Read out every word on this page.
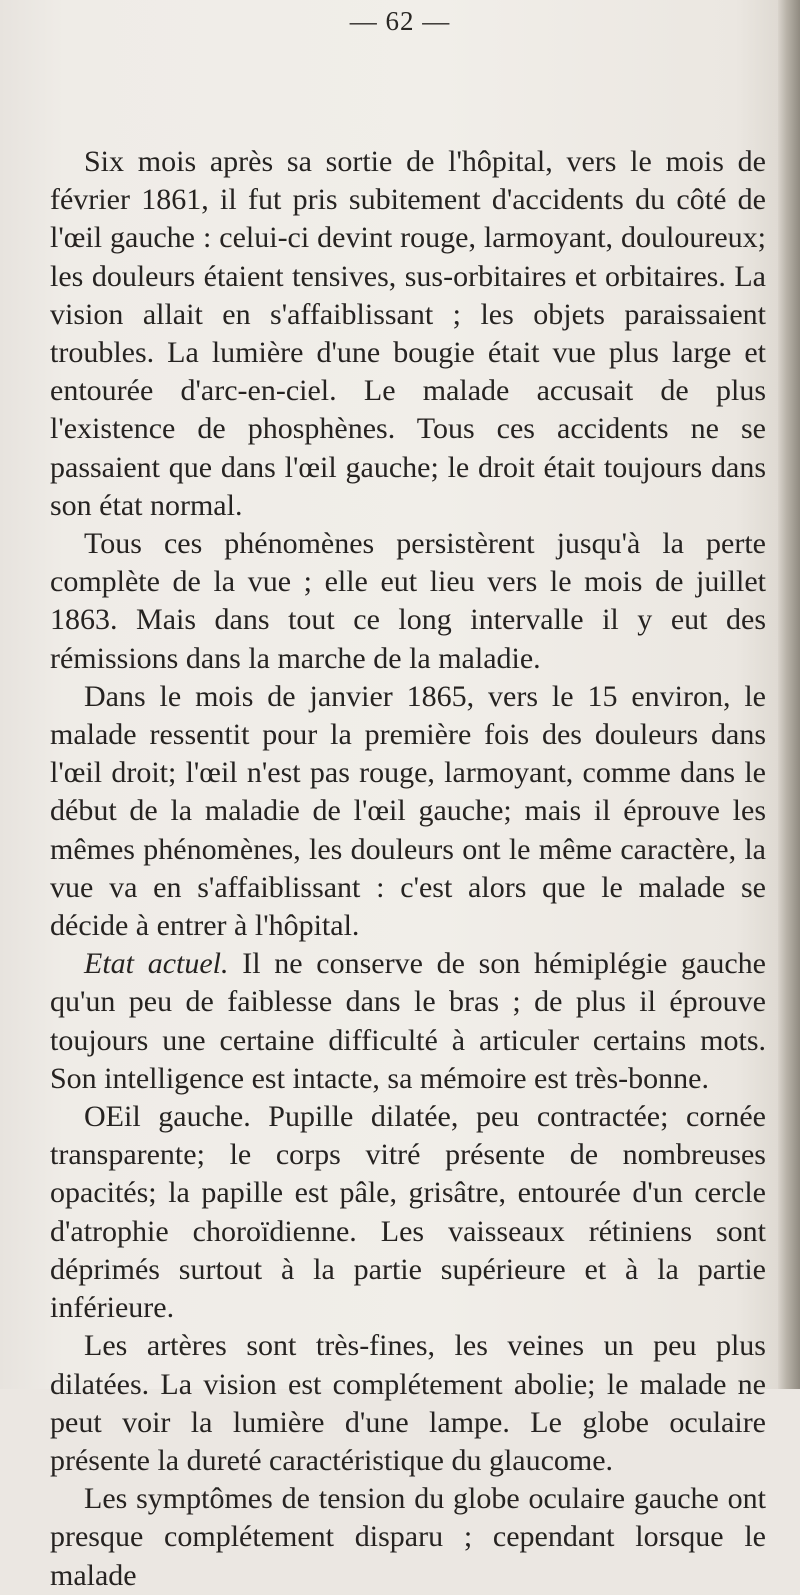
— 62 —

Six mois après sa sortie de l'hôpital, vers le mois de février 1861, il fut pris subitement d'accidents du côté de l'œil gauche : celui-ci devint rouge, larmoyant, douloureux; les douleurs étaient tensives, sus-orbitaires et orbitaires. La vision allait en s'affaiblissant ; les objets paraissaient troubles. La lumière d'une bougie était vue plus large et entourée d'arc-en-ciel. Le malade accusait de plus l'existence de phosphènes. Tous ces accidents ne se passaient que dans l'œil gauche; le droit était toujours dans son état normal.

Tous ces phénomènes persistèrent jusqu'à la perte complète de la vue ; elle eut lieu vers le mois de juillet 1863. Mais dans tout ce long intervalle il y eut des rémissions dans la marche de la maladie.

Dans le mois de janvier 1865, vers le 15 environ, le malade ressentit pour la première fois des douleurs dans l'œil droit; l'œil n'est pas rouge, larmoyant, comme dans le début de la maladie de l'œil gauche; mais il éprouve les mêmes phénomènes, les douleurs ont le même caractère, la vue va en s'affaiblissant : c'est alors que le malade se décide à entrer à l'hôpital.

Etat actuel. Il ne conserve de son hémiplégie gauche qu'un peu de faiblesse dans le bras ; de plus il éprouve toujours une certaine difficulté à articuler certains mots. Son intelligence est intacte, sa mémoire est très-bonne.

OEil gauche. Pupille dilatée, peu contractée; cornée transparente; le corps vitré présente de nombreuses opacités; la papille est pâle, grisâtre, entourée d'un cercle d'atrophie choroïdienne. Les vaisseaux rétiniens sont déprimés surtout à la partie supérieure et à la partie inférieure.

Les artères sont très-fines, les veines un peu plus dilatées. La vision est complétement abolie; le malade ne peut voir la lumière d'une lampe. Le globe oculaire présente la dureté caractéristique du glaucome.

Les symptômes de tension du globe oculaire gauche ont presque complétement disparu ; cependant lorsque le malade
